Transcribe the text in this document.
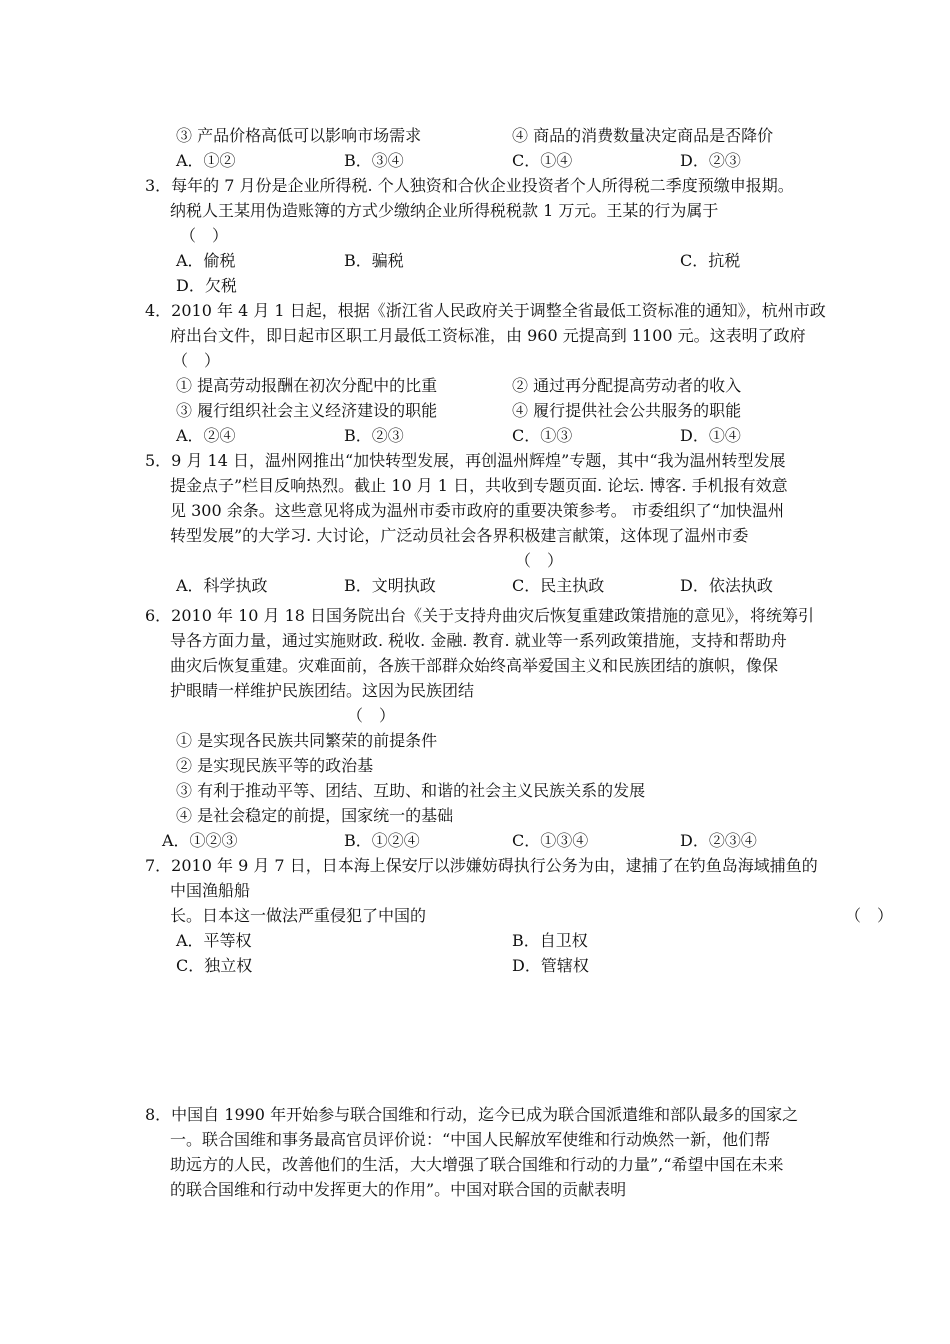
③ 产品价格高低可以影响市场需求	④ 商品的消费数量决定商品是否降价
A．①②	B．③④	C．①④	D．②③
3．每年的 7 月份是企业所得税. 个人独资和合伙企业投资者个人所得税二季度预缴申报期。
纳税人王某用伪造账簿的方式少缴纳企业所得税税款 1 万元。王某的行为属于
（　）
A．偷税	B．骗税	C．抗税
D．欠税
4．2010 年 4 月 1 日起，根据《浙江省人民政府关于调整全省最低工资标准的通知》，杭州市政
府出台文件，即日起市区职工月最低工资标准，由 960 元提高到 1100 元。这表明了政府
（　）
① 提高劳动报酬在初次分配中的比重	② 通过再分配提高劳动者的收入
③ 履行组织社会主义经济建设的职能	④ 履行提供社会公共服务的职能
A．②④	B．②③	C．①③	D．①④
5．9 月 14 日，温州网推出“加快转型发展，再创温州辉煌”专题，其中“我为温州转型发展
提金点子”栏目反响热烈。截止 10 月 1 日，共收到专题页面. 论坛. 博客. 手机报有效意
见 300 余条。这些意见将成为温州市委市政府的重要决策参考。 市委组织了“加快温州
转型发展”的大学习. 大讨论，广泛动员社会各界积极建言献策，这体现了温州市委
（　）
A．科学执政	B．文明执政	C．民主执政	D．依法执政
6．2010 年 10 月 18 日国务院出台《关于支持舟曲灾后恢复重建政策措施的意见》，将统筹引
导各方面力量，通过实施财政. 税收. 金融. 教育. 就业等一系列政策措施，支持和帮助舟
曲灾后恢复重建。灾难面前，各族干部群众始终高举爱国主义和民族团结的旗帜，像保
护眼睛一样维护民族团结。这因为民族团结
（　）
① 是实现各民族共同繁荣的前提条件
② 是实现民族平等的政治基
③ 有利于推动平等、团结、互助、和谐的社会主义民族关系的发展
④ 是社会稳定的前提，国家统一的基础
A．①②③	B．①②④	C．①③④	D．②③④
7．2010 年 9 月 7 日，日本海上保安厅以涉嫌妨碍执行公务为由，逮捕了在钓鱼岛海域捕鱼的
中国渔船船
长。日本这一做法严重侵犯了中国的	（　）
A．平等权	B．自卫权
C．独立权	D．管辖权
8．中国自 1990 年开始参与联合国维和行动，迄今已成为联合国派遣维和部队最多的国家之
一。联合国维和事务最高官员评价说：“中国人民解放军使维和行动焕然一新，他们帮
助远方的人民，改善他们的生活，大大增强了联合国维和行动的力量”,“希望中国在未来
的联合国维和行动中发挥更大的作用”。中国对联合国的贡献表明
